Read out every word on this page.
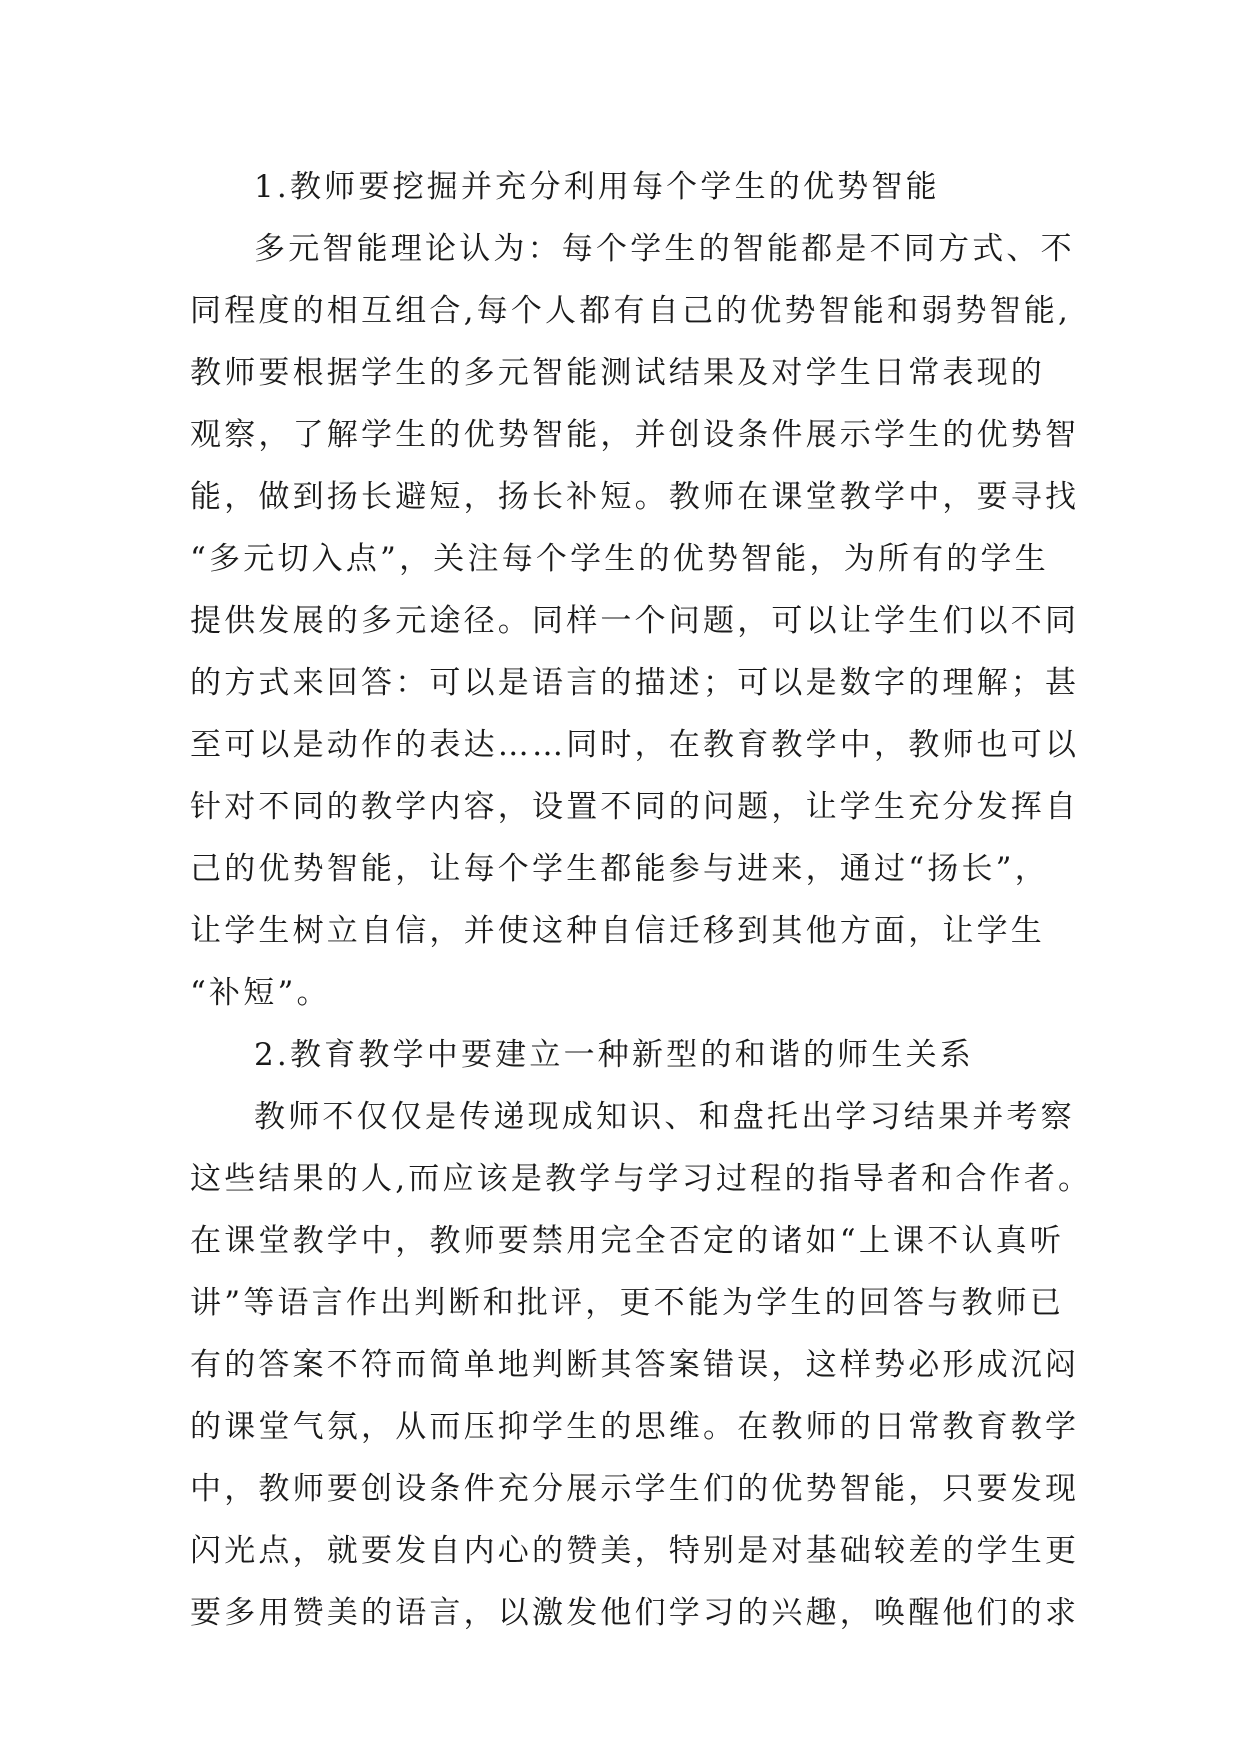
1.教师要挖掘并充分利用每个学生的优势智能
多元智能理论认为：每个学生的智能都是不同方式、不
同程度的相互组合,每个人都有自己的优势智能和弱势智能,
教师要根据学生的多元智能测试结果及对学生日常表现的
观察，了解学生的优势智能，并创设条件展示学生的优势智
能，做到扬长避短，扬长补短。教师在课堂教学中，要寻找
“多元切入点”，关注每个学生的优势智能，为所有的学生
提供发展的多元途径。同样一个问题，可以让学生们以不同
的方式来回答：可以是语言的描述；可以是数字的理解；甚
至可以是动作的表达……同时，在教育教学中，教师也可以
针对不同的教学内容，设置不同的问题，让学生充分发挥自
己的优势智能，让每个学生都能参与进来，通过“扬长”，
让学生树立自信，并使这种自信迁移到其他方面，让学生
“补短”。
2.教育教学中要建立一种新型的和谐的师生关系
教师不仅仅是传递现成知识、和盘托出学习结果并考察
这些结果的人,而应该是教学与学习过程的指导者和合作者。
在课堂教学中，教师要禁用完全否定的诸如“上课不认真听
讲”等语言作出判断和批评，更不能为学生的回答与教师已
有的答案不符而简单地判断其答案错误，这样势必形成沉闷
的课堂气氛，从而压抑学生的思维。在教师的日常教育教学
中，教师要创设条件充分展示学生们的优势智能，只要发现
闪光点，就要发自内心的赞美，特别是对基础较差的学生更
要多用赞美的语言，以激发他们学习的兴趣，唤醒他们的求
